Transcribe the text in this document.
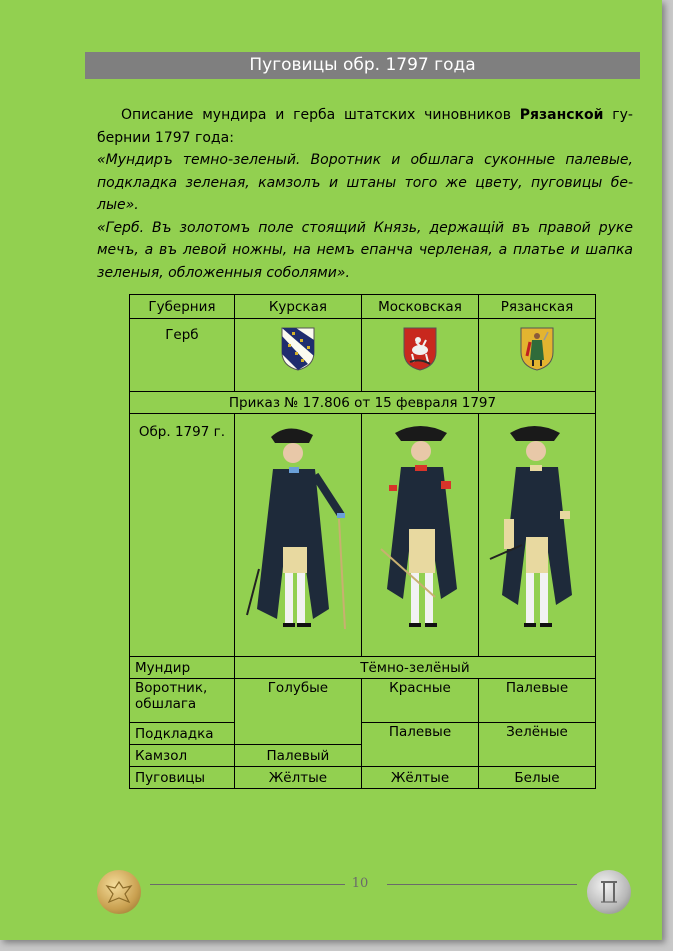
Пуговицы обр. 1797 года

Описание мундира и герба штатских чиновников Рязанской гу-бернии 1797 года:

«Мундиръ темно-зеленый. Воротник и обшлага суконные палевые, подкладка зеленая, камзолъ и штаны того же цвету, пуговицы бе-лые».

«Герб. Въ золотомъ поле стоящий Князь, держащій въ правой руке мечъ, а въ левой ножны, на немъ епанча черленая, а платье и шапка зеленыя, обложенныя соболями».

Губерния	Курская	Московская	Рязанская
Герб			
Приказ № 17.806 от 15 февраля 1797			
Обр. 1797 г.	

Мундир	Тёмно-зелёный		
Воротник, обшлага	Голубые	Красные	Палевые
Подкладка		Палевые	Зелёные
Камзол	Палевый		
Пуговицы	Жёлтые	Жёлтые	Белые
10
